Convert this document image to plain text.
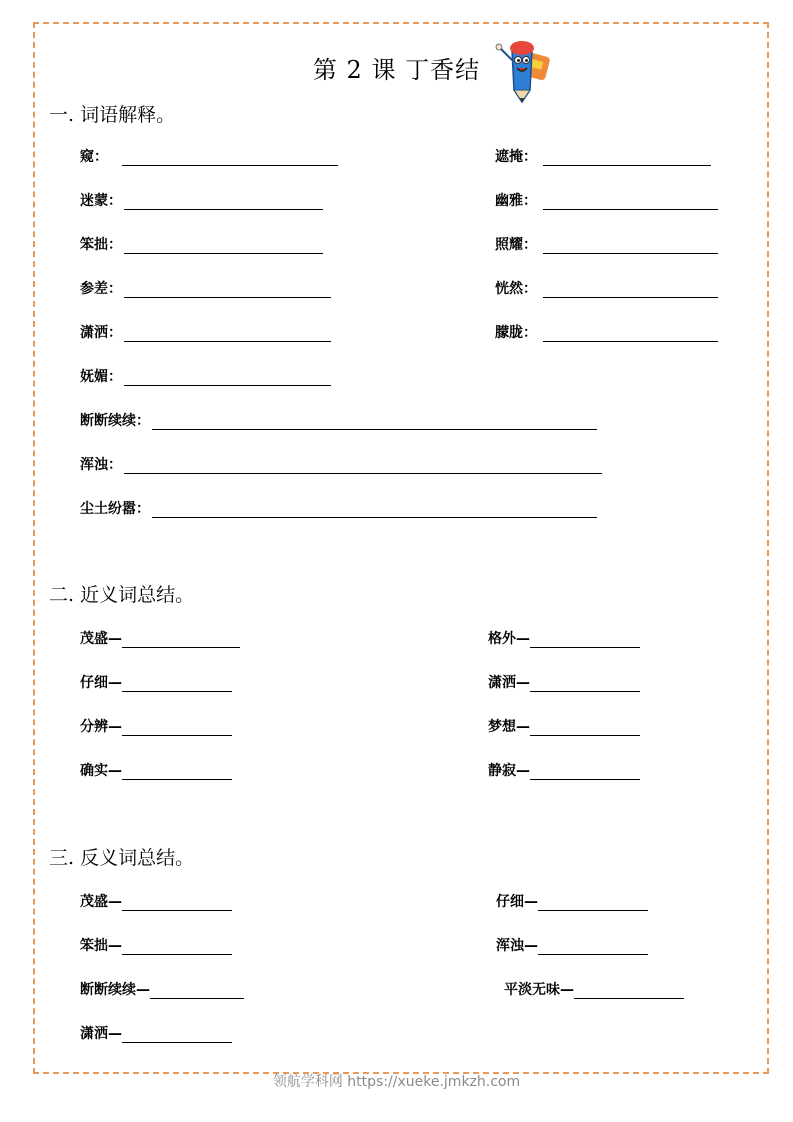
第 2 课 丁香结
一. 词语解释。
窥：	遮掩：
迷蒙：	幽雅：
笨拙：	照耀：
参差：	恍然：
潇洒：	朦胧：
妩媚：
断断续续：
浑浊：
尘土纷嚣：
二. 近义词总结。
茂盛—	格外—
仔细—	潇洒—
分辨—	梦想—
确实—	静寂—
三. 反义词总结。
茂盛—	仔细—
笨拙—	浑浊—
断断续续—	平淡无味—
潇洒—
领航学科网 https://xueke.jmkzh.com
